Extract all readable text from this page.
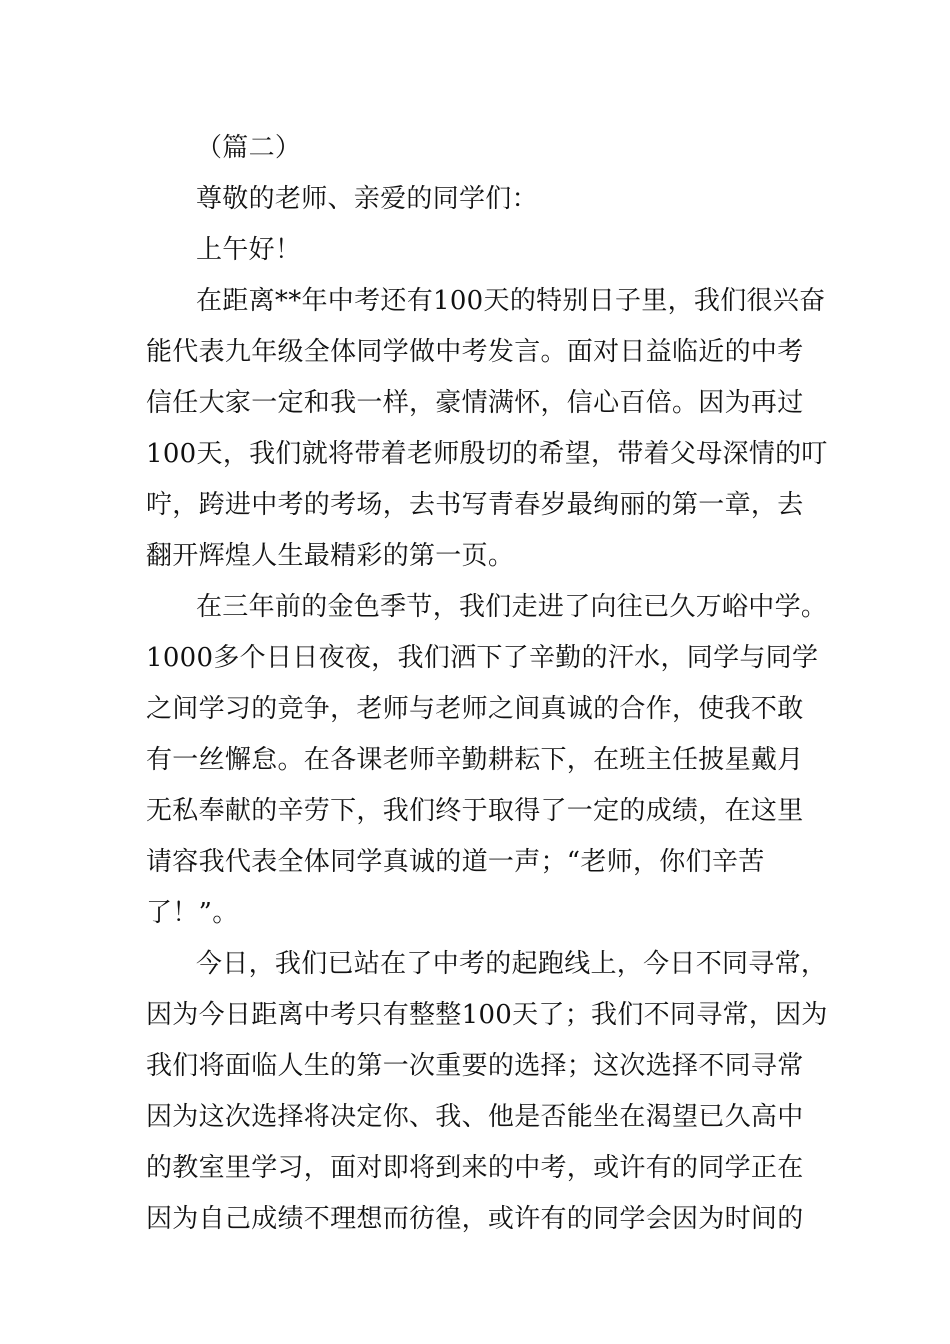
（篇二）
尊敬的老师、亲爱的同学们：
上午好！
在距离**年中考还有100天的特别日子里，我们很兴奋
能代表九年级全体同学做中考发言。面对日益临近的中考
信任大家一定和我一样，豪情满怀，信心百倍。因为再过
100天，我们就将带着老师殷切的希望，带着父母深情的叮
咛，跨进中考的考场，去书写青春岁最绚丽的第一章，去
翻开辉煌人生最精彩的第一页。
在三年前的金色季节，我们走进了向往已久万峪中学。
1000多个日日夜夜，我们洒下了辛勤的汗水，同学与同学
之间学习的竞争，老师与老师之间真诚的合作，使我不敢
有一丝懈怠。在各课老师辛勤耕耘下，在班主任披星戴月
无私奉献的辛劳下，我们终于取得了一定的成绩，在这里
请容我代表全体同学真诚的道一声；“老师，你们辛苦
了！”。
今日，我们已站在了中考的起跑线上，今日不同寻常，
因为今日距离中考只有整整100天了；我们不同寻常，因为
我们将面临人生的第一次重要的选择；这次选择不同寻常
因为这次选择将决定你、我、他是否能坐在渴望已久高中
的教室里学习，面对即将到来的中考，或许有的同学正在
因为自己成绩不理想而彷徨，或许有的同学会因为时间的
